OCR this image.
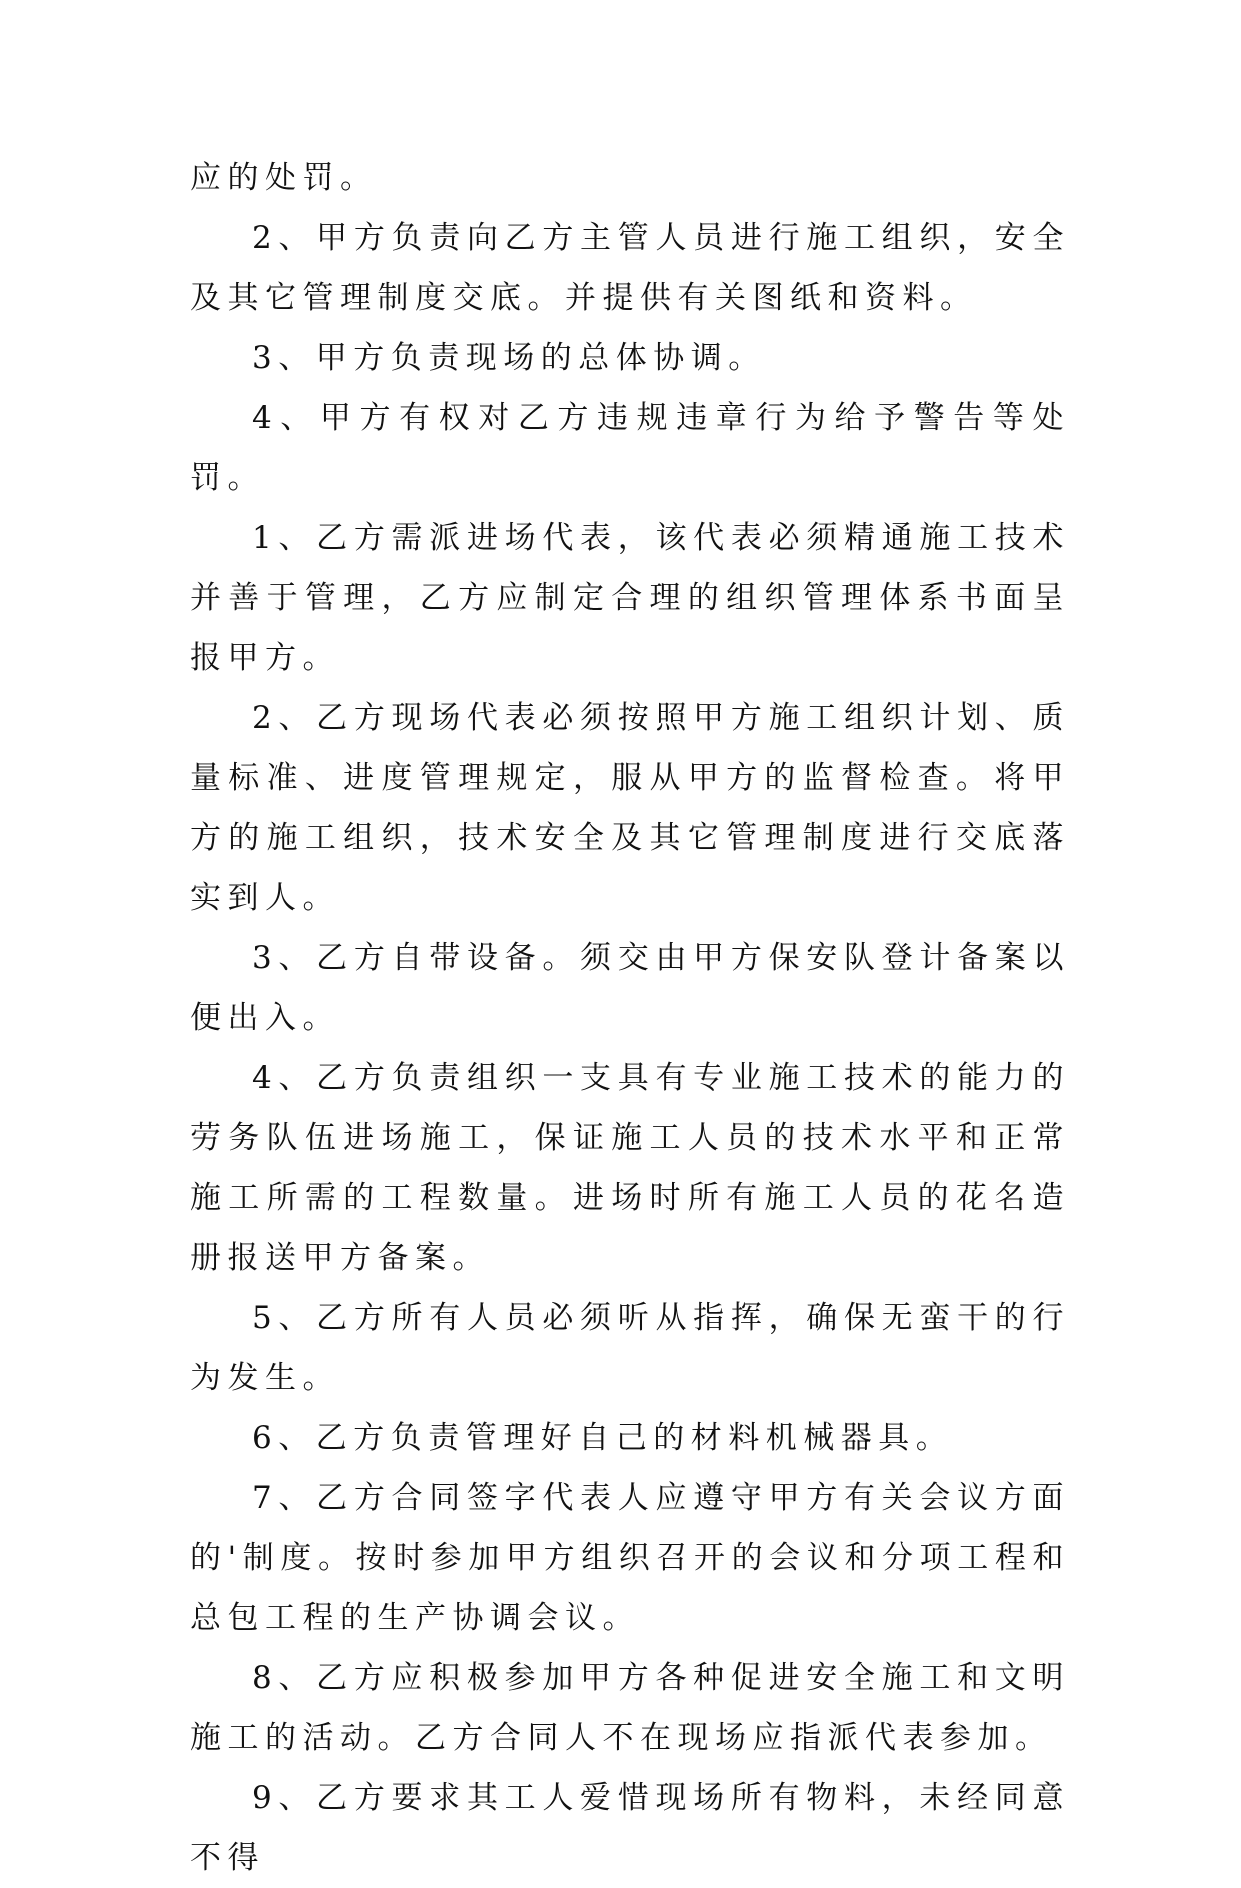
应的处罚。

2、甲方负责向乙方主管人员进行施工组织，安全及其它管理制度交底。并提供有关图纸和资料。

3、甲方负责现场的总体协调。

4、甲方有权对乙方违规违章行为给予警告等处罚。

1、乙方需派进场代表，该代表必须精通施工技术并善于管理，乙方应制定合理的组织管理体系书面呈报甲方。

2、乙方现场代表必须按照甲方施工组织计划、质量标准、进度管理规定，服从甲方的监督检查。将甲方的施工组织，技术安全及其它管理制度进行交底落实到人。

3、乙方自带设备。须交由甲方保安队登计备案以便出入。

4、乙方负责组织一支具有专业施工技术的能力的劳务队伍进场施工，保证施工人员的技术水平和正常施工所需的工程数量。进场时所有施工人员的花名造册报送甲方备案。

5、乙方所有人员必须听从指挥，确保无蛮干的行为发生。

6、乙方负责管理好自己的材料机械器具。

7、乙方合同签字代表人应遵守甲方有关会议方面的'制度。按时参加甲方组织召开的会议和分项工程和总包工程的生产协调会议。

8、乙方应积极参加甲方各种促进安全施工和文明施工的活动。乙方合同人不在现场应指派代表参加。

9、乙方要求其工人爱惜现场所有物料，未经同意不得
